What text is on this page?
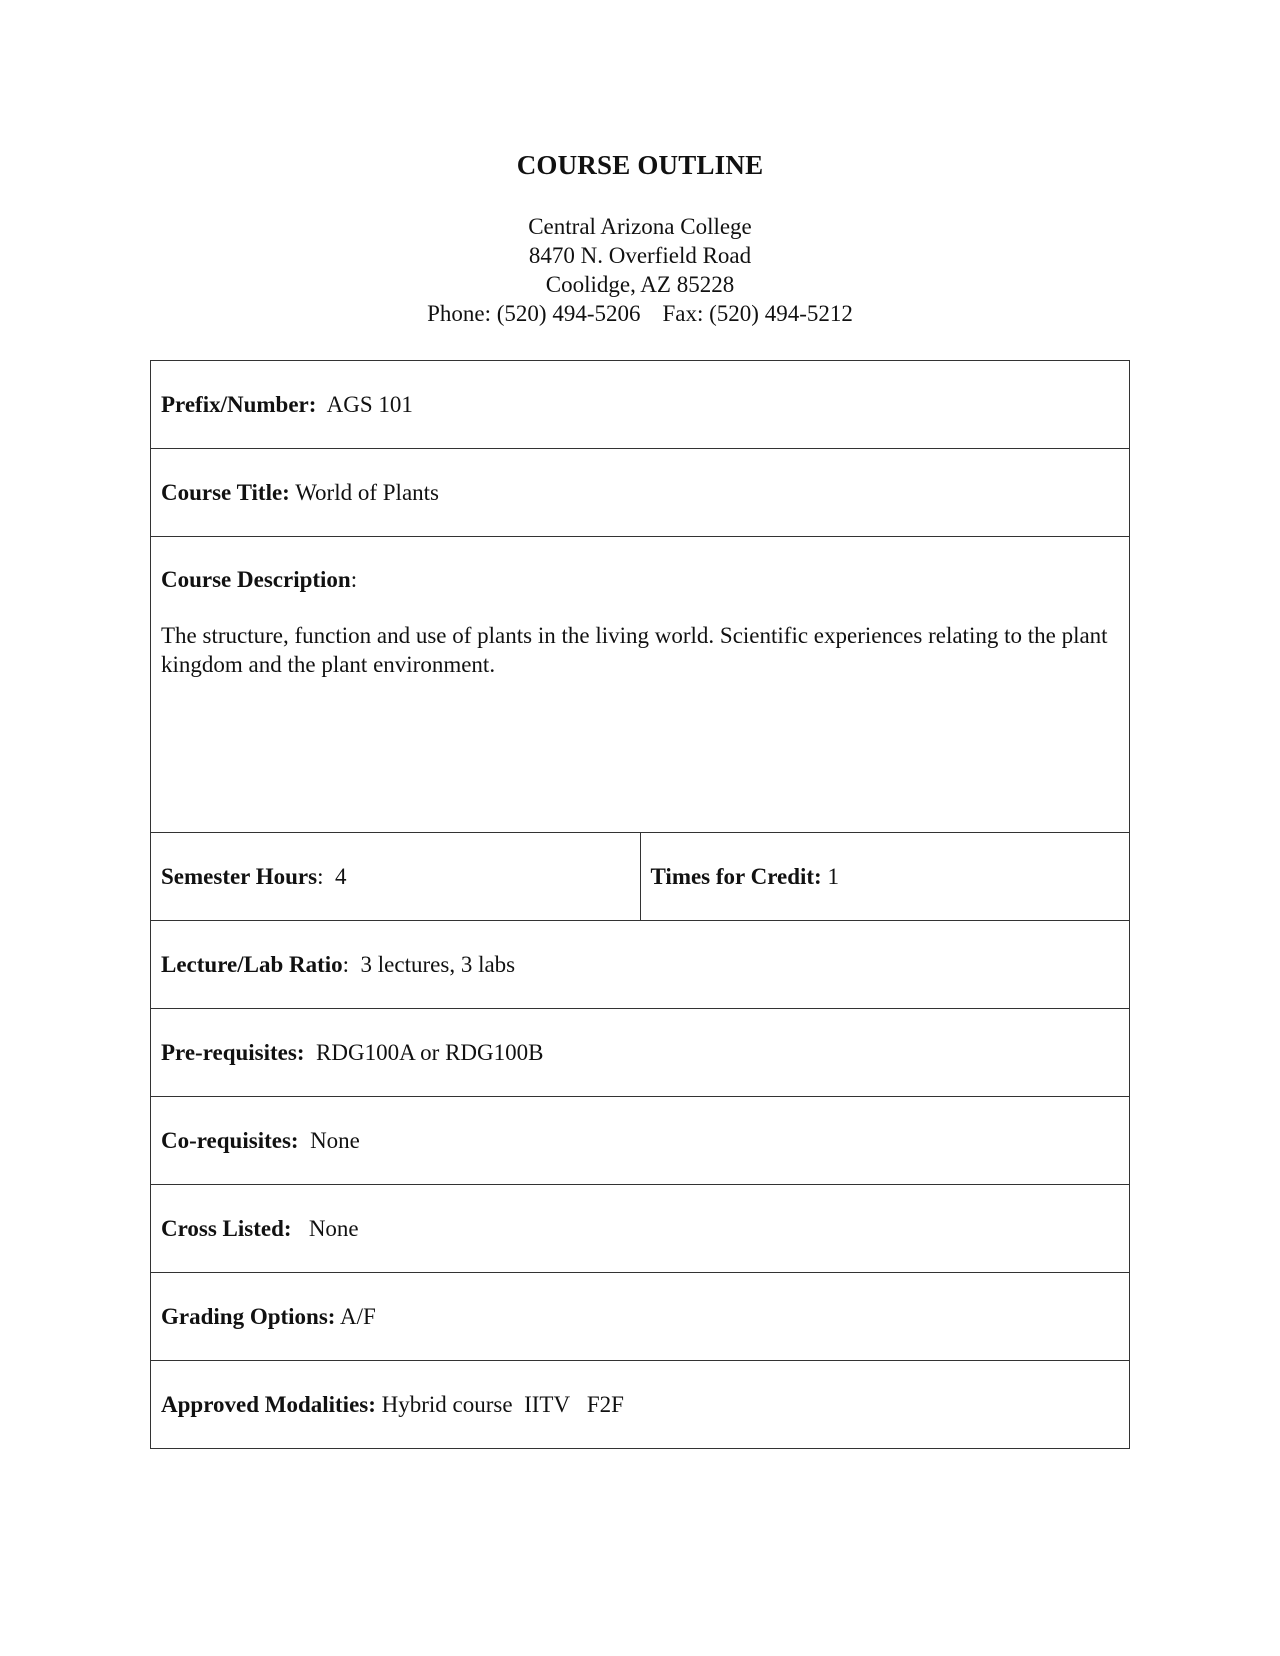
COURSE OUTLINE
Central Arizona College
8470 N. Overfield Road
Coolidge, AZ 85228
Phone: (520) 494-5206 Fax: (520) 494-5212
Prefix/Number: AGS 101
Course Title: World of Plants

Course Description:
The structure, function and use of plants in the living world. Scientific experiences relating to the plant kingdom and the plant environment.

Semester Hours: 4	Times for Credit: 1
Lecture/Lab Ratio: 3 lectures, 3 labs
Pre-requisites: RDG100A or RDG100B
Co-requisites: None
Cross Listed: None
Grading Options: A/F
Approved Modalities: Hybrid course  IITV   F2F
